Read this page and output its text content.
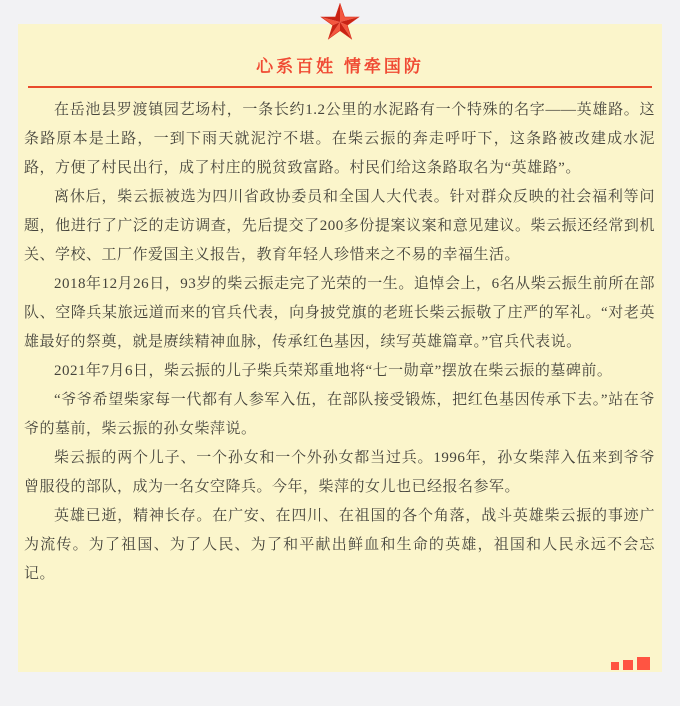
心系百姓 情牵国防

在岳池县罗渡镇园艺场村，一条长约1.2公里的水泥路有一个特殊的名字——英雄路。这条路原本是土路，一到下雨天就泥泞不堪。在柴云振的奔走呼吁下，这条路被改建成水泥路，方便了村民出行，成了村庄的脱贫致富路。村民们给这条路取名为“英雄路”。

离休后，柴云振被选为四川省政协委员和全国人大代表。针对群众反映的社会福利等问题，他进行了广泛的走访调查，先后提交了200多份提案议案和意见建议。柴云振还经常到机关、学校、工厂作爱国主义报告，教育年轻人珍惜来之不易的幸福生活。

2018年12月26日，93岁的柴云振走完了光荣的一生。追悼会上，6名从柴云振生前所在部队、空降兵某旅远道而来的官兵代表，向身披党旗的老班长柴云振敬了庄严的军礼。“对老英雄最好的祭奠，就是赓续精神血脉，传承红色基因，续写英雄篇章。”官兵代表说。

2021年7月6日，柴云振的儿子柴兵荣郑重地将“七一勋章”摆放在柴云振的墓碑前。

“爷爷希望柴家每一代都有人参军入伍，在部队接受锻炼，把红色基因传承下去。”站在爷爷的墓前，柴云振的孙女柴萍说。

柴云振的两个儿子、一个孙女和一个外孙女都当过兵。1996年，孙女柴萍入伍来到爷爷曾服役的部队，成为一名女空降兵。今年，柴萍的女儿也已经报名参军。

英雄已逝，精神长存。在广安、在四川、在祖国的各个角落，战斗英雄柴云振的事迹广为流传。为了祖国、为了人民、为了和平献出鲜血和生命的英雄，祖国和人民永远不会忘记。
